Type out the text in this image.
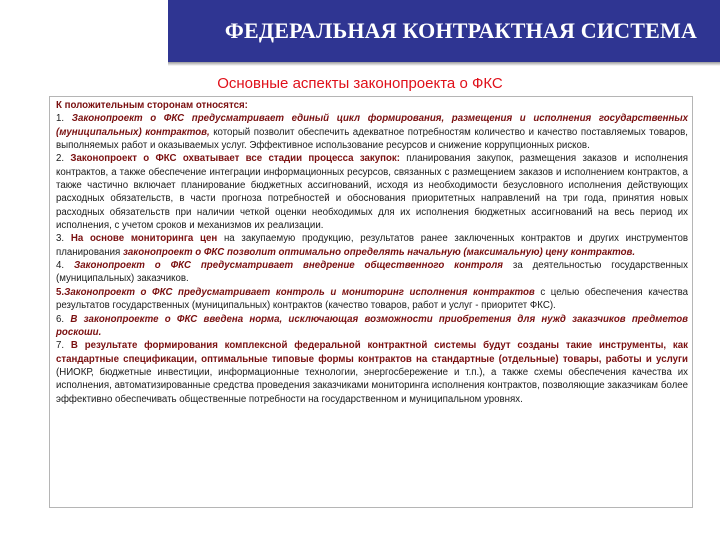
ФЕДЕРАЛЬНАЯ КОНТРАКТНАЯ СИСТЕМА
Основные аспекты законопроекта о ФКС

К положительным сторонам относятся:

1. Законопроект о ФКС предусматривает единый цикл формирования, размещения и исполнения государственных (муниципальных) контрактов, который позволит обеспечить адекватное потребностям количество и качество поставляемых товаров, выполняемых работ и оказываемых услуг. Эффективное использование ресурсов и снижение коррупционных рисков.

2. Законопроект о ФКС охватывает все стадии процесса закупок: планирования закупок, размещения заказов и исполнения контрактов, а также обеспечение интеграции информационных ресурсов, связанных с размещением заказов и исполнением контрактов, а также частично включает планирование бюджетных ассигнований, исходя из необходимости безусловного исполнения действующих расходных обязательств, в части прогноза потребностей и обоснования приоритетных направлений на три года, принятия новых расходных обязательств при наличии четкой оценки необходимых для их исполнения бюджетных ассигнований на весь период их исполнения, с учетом сроков и механизмов их реализации.

3. На основе мониторинга цен на закупаемую продукцию, результатов ранее заключенных контрактов и других инструментов планирования законопроект о ФКС позволит оптимально определять начальную (максимальную) цену контрактов.

4. Законопроект о ФКС предусматривает внедрение общественного контроля за деятельностью государственных (муниципальных) заказчиков.

5.Законопроект о ФКС предусматривает контроль и мониторинг исполнения контрактов с целью обеспечения качества результатов государственных (муниципальных) контрактов (качество товаров, работ и услуг - приоритет ФКС).

6. В законопроекте о ФКС введена норма, исключающая возможности приобретения для нужд заказчиков предметов роскоши.

7. В результате формирования комплексной федеральной контрактной системы будут созданы такие инструменты, как стандартные спецификации, оптимальные типовые формы контрактов на стандартные (отдельные) товары, работы и услуги (НИОКР, бюджетные инвестиции, информационные технологии, энергосбережение и т.п.), а также схемы обеспечения качества их исполнения, автоматизированные средства проведения заказчиками мониторинга исполнения контрактов, позволяющие заказчикам более эффективно обеспечивать общественные потребности на государственном и муниципальном уровнях.
